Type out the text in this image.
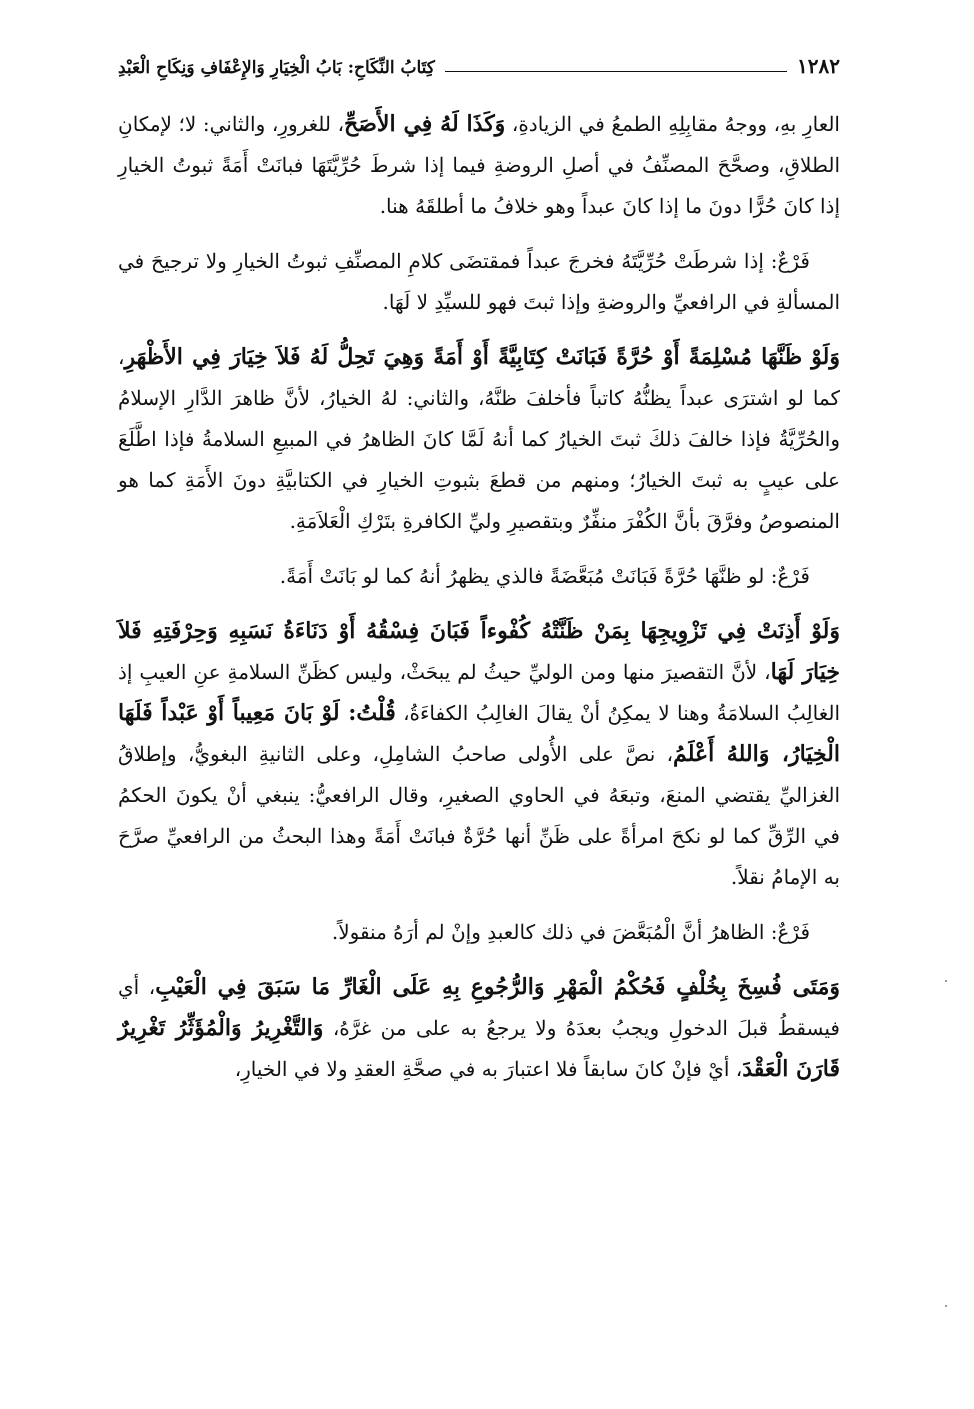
١٢٨٢
كِتَابُ النِّكَاحِ: بَابُ الْخِيَارِ وَالإِعْفَافِ وَنِكَاحِ الْعَبْدِ

العارِ بهِ، ووجهُ مقابِلِهِ الطمعُ في الزيادةِ، وَكَذَا لَهُ فِي الأَصَحِّ، للغرورِ، والثاني: لا؛ لإمكانِ الطلاقِ، وصحَّحَ المصنِّفُ في أصلِ الروضةِ فيما إذا شرطَ حُرِّيَّتَهَا فبانَتْ أَمَةً ثبوتُ الخيارِ إذا كانَ حُرًّا دونَ ما إذا كانَ عبداً وهو خلافُ ما أطلقَهُ هنا.

فَرْعٌ: إذا شرطَتْ حُرِّيَّتَهُ فخرجَ عبداً فمقتضَى كلامِ المصنِّفِ ثبوتُ الخيارِ ولا ترجيحَ في المسألةِ في الرافعيِّ والروضةِ وإذا ثبتَ فهو للسيِّدِ لا لَهَا.

وَلَوْ ظَنَّهَا مُسْلِمَةً أَوْ حُرَّةً فَبَانَتْ كِتَابِيَّةً أَوْ أَمَةً وَهِيَ تَحِلُّ لَهُ فَلاَ خِيَارَ فِي الأَظْهَرِ، كما لو اشترَى عبداً يظنُّهُ كاتباً فأخلفَ ظنَّهُ، والثاني: لهُ الخيارُ، لأنَّ ظاهرَ الدَّارِ الإسلامُ والحُرِّيَّةُ فإذا خالفَ ذلكَ ثبتَ الخيارُ كما أنهُ لَمَّا كانَ الظاهرُ في المبيعِ السلامةُ فإذا اطَّلَعَ على عيبٍ به ثبتَ الخيارُ؛ ومنهم من قطعَ بثبوتِ الخيارِ في الكتابيَّةِ دونَ الأَمَةِ كما هو المنصوصُ وفرَّقَ بأنَّ الكُفْرَ منفِّرٌ وبتقصيرِ وليِّ الكافرةِ بتَرْكِ الْعَلاَمَةِ.

فَرْعٌ: لو ظنَّهَا حُرَّةً فَبَانَتْ مُبَعَّضَةً فالذي يظهرُ أنهُ كما لو بَانَتْ أَمَةً.

وَلَوْ أَذِنَتْ فِي تَزْوِيجِهَا بِمَنْ ظَنَّتْهُ كُفْوءاً فَبَانَ فِسْقُهُ أَوْ دَنَاءَةُ نَسَبِهِ وَحِرْفَتِهِ فَلاَ خِيَارَ لَهَا، لأنَّ التقصيرَ منها ومن الوليِّ حيثُ لم يبحَثْ، وليس كظَنِّ السلامةِ عنِ العيبِ إذ الغالِبُ السلامَةُ وهنا لا يمكِنُ أنْ يقالَ الغالِبُ الكفاءَةُ، قُلْتُ: لَوْ بَانَ مَعِيباً أَوْ عَبْداً فَلَهَا الْخِيَارُ، وَاللهُ أَعْلَمُ، نصَّ على الأُولى صاحبُ الشامِلِ، وعلى الثانيةِ البغويُّ، وإطلاقُ الغزاليِّ يقتضي المنعَ، وتبعَهُ في الحاوي الصغيرِ، وقال الرافعيُّ: ينبغي أنْ يكونَ الحكمُ في الرِّقِّ كما لو نكحَ امرأةً على ظَنِّ أنها حُرَّةٌ فبانَتْ أَمَةً وهذا البحثُ من الرافعيِّ صرَّحَ به الإمامُ نقلاً.

فَرْعٌ: الظاهرُ أنَّ الْمُبَعَّضَ في ذلك كالعبدِ وإنْ لم أرَهُ منقولاً.

وَمَتَى فُسِخَ بِخُلْفٍ فَحُكْمُ الْمَهْرِ وَالرُّجُوعِ بِهِ عَلَى الْغَارِّ مَا سَبَقَ فِي الْعَيْبِ، أي فيسقطُ قبلَ الدخولِ ويجبُ بعدَهُ ولا يرجعُ به على من غرَّهُ، وَالتَّغْرِيرُ وَالْمُؤَثِّرُ تَغْرِيرٌ قَارَنَ الْعَقْدَ، أيْ فإنْ كانَ سابقاً فلا اعتبارَ به في صحَّةِ العقدِ ولا في الخيارِ،
